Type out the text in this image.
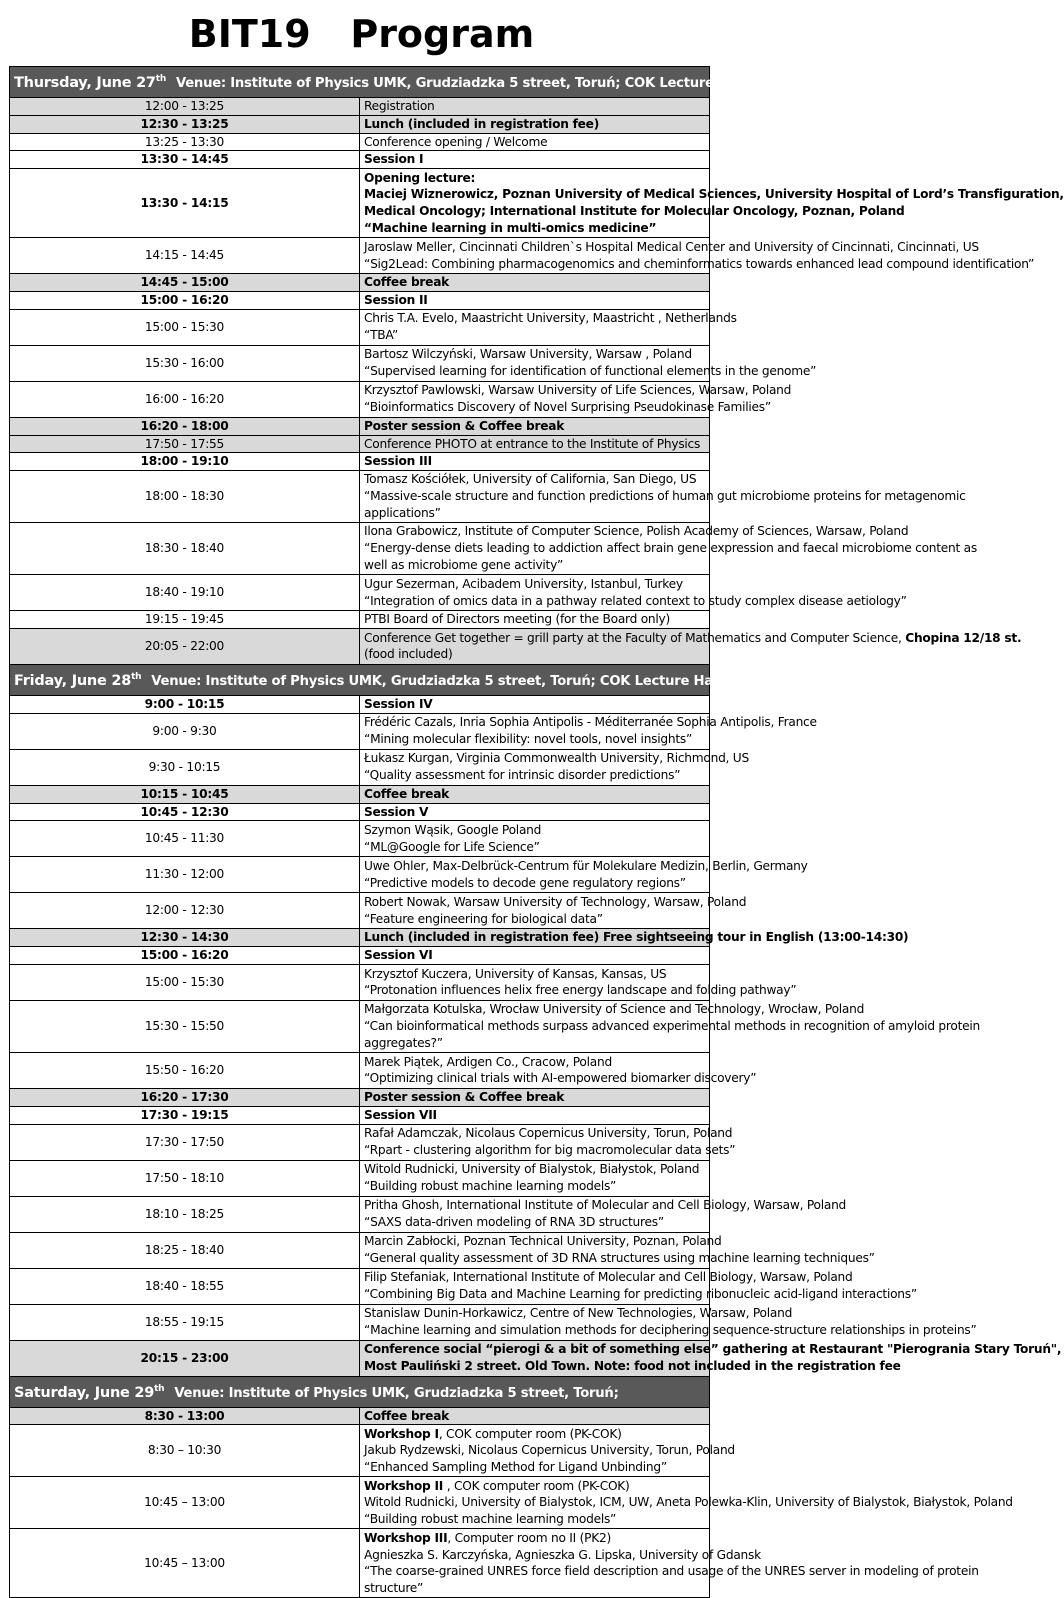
BIT19   Program
Thursday, June 27th Venue: Institute of Physics UMK, Grudziadzka 5 street, Toruń; COK Lecture Hall	
12:00 - 13:25	Registration

12:30 - 13:25	Lunch (included in registration fee)

13:25 - 13:30	Conference opening / Welcome

13:30 - 14:45	Session I

13:30 - 14:15	Opening lecture:
Maciej Wiznerowicz, Poznan University of Medical Sciences, University Hospital of Lord’s Transfiguration,
Medical Oncology; International Institute for Molecular Oncology, Poznan, Poland
“Machine learning in multi-omics medicine”

14:15 - 14:45	Jaroslaw Meller, Cincinnati Children`s Hospital Medical Center and University of Cincinnati, Cincinnati, US
“Sig2Lead: Combining pharmacogenomics and cheminformatics towards enhanced lead compound identification”

14:45 - 15:00	Coffee break

15:00 - 16:20	Session II

15:00 - 15:30	Chris T.A. Evelo, Maastricht University, Maastricht , Netherlands
“TBA”

15:30 - 16:00	Bartosz Wilczyński, Warsaw University, Warsaw , Poland
“Supervised learning for identification of functional elements in the genome”

16:00 - 16:20	Krzysztof Pawlowski, Warsaw University of Life Sciences, Warsaw, Poland
“Bioinformatics Discovery of Novel Surprising Pseudokinase Families”

16:20 - 18:00	Poster session & Coffee break

17:50 - 17:55	Conference PHOTO at entrance to the Institute of Physics

18:00 - 19:10	Session III

18:00 - 18:30	Tomasz Kościółek, University of California, San Diego, US
“Massive-scale structure and function predictions of human gut microbiome proteins for metagenomic
applications”

18:30 - 18:40	Ilona Grabowicz, Institute of Computer Science, Polish Academy of Sciences, Warsaw, Poland
“Energy-dense diets leading to addiction affect brain gene expression and faecal microbiome content as
well as microbiome gene activity”

18:40 - 19:10	Ugur Sezerman, Acibadem University, Istanbul, Turkey
“Integration of omics data in a pathway related context to study complex disease aetiology”

19:15 - 19:45	PTBI Board of Directors meeting (for the Board only)

20:05 - 22:00	Conference Get together = grill party at the Faculty of Mathematics and Computer Science, Chopina 12/18 st.
(food included)

Friday, June 28th Venue: Institute of Physics UMK, Grudziadzka 5 street, Toruń; COK Lecture Hall	
9:00 - 10:15	Session IV

9:00 - 9:30	Frédéric Cazals, Inria Sophia Antipolis - Méditerranée Sophia Antipolis, France
“Mining molecular flexibility: novel tools, novel insights”

9:30 - 10:15	Łukasz Kurgan, Virginia Commonwealth University, Richmond, US
“Quality assessment for intrinsic disorder predictions”

10:15 - 10:45	Coffee break

10:45 - 12:30	Session V

10:45 - 11:30	Szymon Wąsik, Google Poland
“ML@Google for Life Science”

11:30 - 12:00	Uwe Ohler, Max-Delbrück-Centrum für Molekulare Medizin, Berlin, Germany
“Predictive models to decode gene regulatory regions”

12:00 - 12:30	Robert Nowak, Warsaw University of Technology, Warsaw, Poland
“Feature engineering for biological data”

12:30 - 14:30	Lunch (included in registration fee) Free sightseeing tour in English (13:00-14:30)

15:00 - 16:20	Session VI

15:00 - 15:30	Krzysztof Kuczera, University of Kansas, Kansas, US
“Protonation influences helix free energy landscape and folding pathway”

15:30 - 15:50	Małgorzata Kotulska, Wrocław University of Science and Technology, Wrocław, Poland
“Can bioinformatical methods surpass advanced experimental methods in recognition of amyloid protein
aggregates?”

15:50 - 16:20	Marek Piątek, Ardigen Co., Cracow, Poland
“Optimizing clinical trials with AI-empowered biomarker discovery”

16:20 - 17:30	Poster session & Coffee break

17:30 - 19:15	Session VII

17:30 - 17:50	Rafał Adamczak, Nicolaus Copernicus University, Torun, Poland
“Rpart - clustering algorithm for big macromolecular data sets”

17:50 - 18:10	Witold Rudnicki, University of Bialystok, Białystok, Poland
“Building robust machine learning models”

18:10 - 18:25	Pritha Ghosh, International Institute of Molecular and Cell Biology, Warsaw, Poland
“SAXS data-driven modeling of RNA 3D structures”

18:25 - 18:40	Marcin Zabłocki, Poznan Technical University, Poznan, Poland
“General quality assessment of 3D RNA structures using machine learning techniques”

18:40 - 18:55	Filip Stefaniak, International Institute of Molecular and Cell Biology, Warsaw, Poland
“Combining Big Data and Machine Learning for predicting ribonucleic acid-ligand interactions”

18:55 - 19:15	Stanislaw Dunin-Horkawicz, Centre of New Technologies, Warsaw, Poland
“Machine learning and simulation methods for deciphering sequence-structure relationships in proteins”

20:15 - 23:00	Conference social “pierogi & a bit of something else” gathering at Restaurant "Pierogrania Stary Toruń",
Most Paulińskі 2 street. Old Town. Note: food not included in the registration fee

Saturday, June 29th Venue: Institute of Physics UMK, Grudziadzka 5 street, Toruń;	
8:30 - 13:00	Coffee break

8:30 – 10:30	Workshop I, COK computer room (PK-COK)
Jakub Rydzewski, Nicolaus Copernicus University, Torun, Poland
“Enhanced Sampling Method for Ligand Unbinding”

10:45 – 13:00	Workshop II , COK computer room (PK-COK)
Witold Rudnicki, University of Bialystok, ICM, UW, Aneta Polewka-Klin, University of Bialystok, Białystok, Poland
“Building robust machine learning models”

10:45 – 13:00	Workshop III, Computer room no II (PK2)
Agnieszka S. Karczyńska, Agnieszka G. Lipska, University of Gdansk
“The coarse-grained UNRES force field description and usage of the UNRES server in modeling of protein
structure”
